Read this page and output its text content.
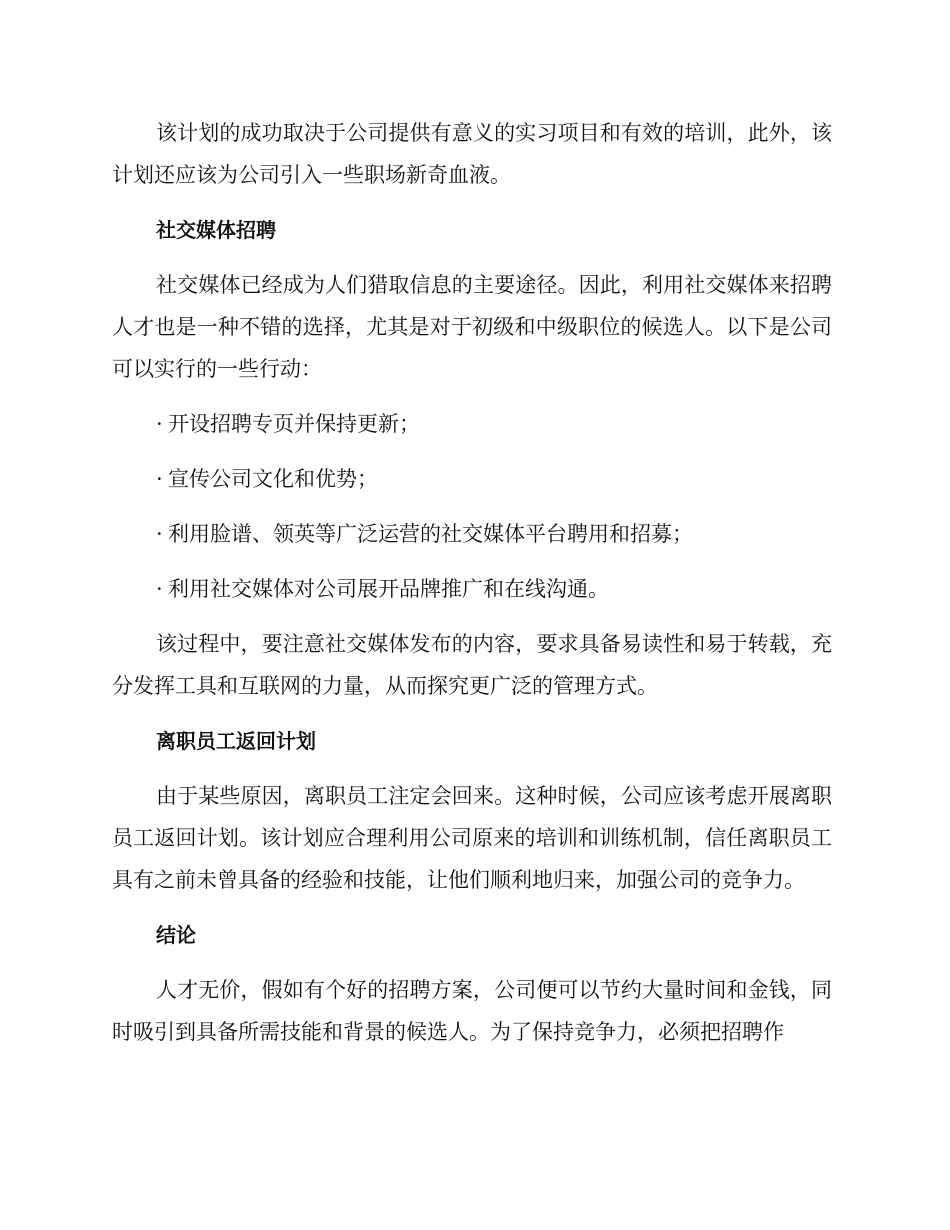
该计划的成功取决于公司提供有意义的实习项目和有效的培训，此外，该计划还应该为公司引入一些职场新奇血液。

社交媒体招聘

社交媒体已经成为人们猎取信息的主要途径。因此，利用社交媒体来招聘人才也是一种不错的选择，尤其是对于初级和中级职位的候选人。以下是公司可以实行的一些行动：

· 开设招聘专页并保持更新；
· 宣传公司文化和优势；
· 利用脸谱、领英等广泛运营的社交媒体平台聘用和招募；
· 利用社交媒体对公司展开品牌推广和在线沟通。

该过程中，要注意社交媒体发布的内容，要求具备易读性和易于转载，充分发挥工具和互联网的力量，从而探究更广泛的管理方式。

离职员工返回计划

由于某些原因，离职员工注定会回来。这种时候，公司应该考虑开展离职员工返回计划。该计划应合理利用公司原来的培训和训练机制，信任离职员工具有之前未曾具备的经验和技能，让他们顺利地归来，加强公司的竞争力。

结论

人才无价，假如有个好的招聘方案，公司便可以节约大量时间和金钱，同时吸引到具备所需技能和背景的候选人。为了保持竞争力，必须把招聘作
